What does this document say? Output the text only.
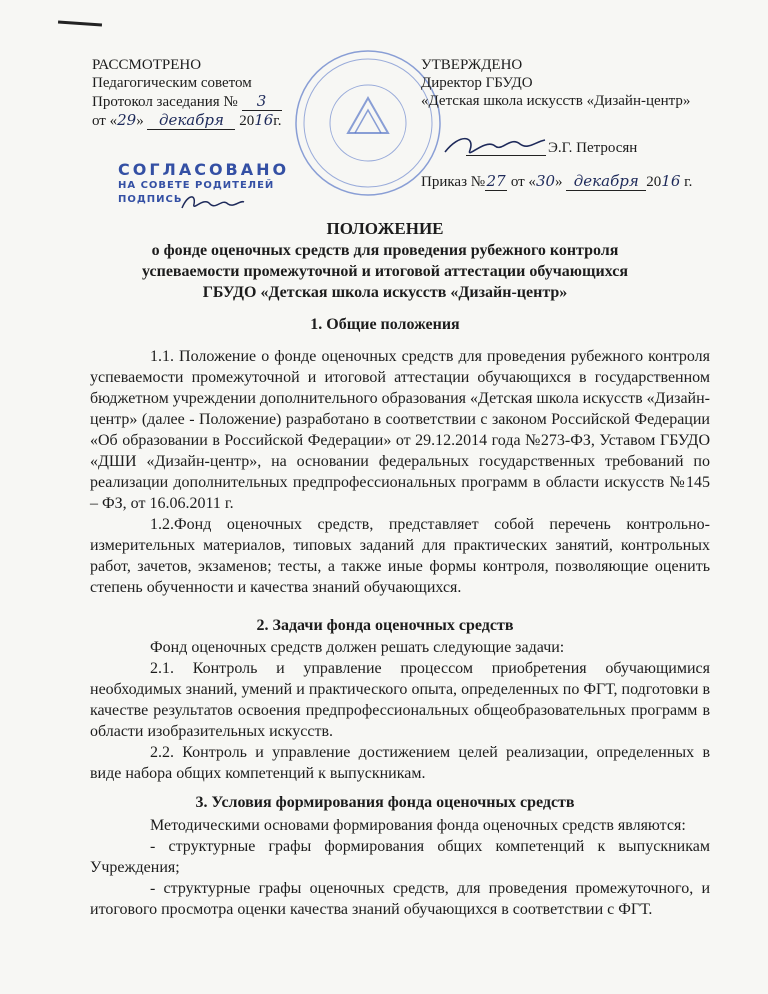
РАССМОТРЕНО
Педагогическим советом
Протокол заседания № 3
от «29» декабря 2016г.
УТВЕРЖДЕНО
Директор ГБУДО
«Детская школа искусств «Дизайн-центр»
Э.Г. Петросян
Приказ №27 от «30» декабря 2016 г.
СОГЛАСОВАНО
НА СОВЕТЕ РОДИТЕЛЕЙ
ПОДПИСЬ
ПОЛОЖЕНИЕ
о фонде оценочных средств для проведения рубежного контроля
успеваемости промежуточной и итоговой аттестации обучающихся
ГБУДО «Детская школа искусств «Дизайн-центр»
1. Общие положения

1.1. Положение о фонде оценочных средств для проведения рубежного контроля успеваемости промежуточной и итоговой аттестации обучающихся в государственном бюджетном учреждении дополнительного образования «Детская школа искусств «Дизайн-центр» (далее - Положение) разработано в соответствии с законом Российской Федерации «Об образовании в Российской Федерации» от 29.12.2014 года №273-ФЗ, Уставом ГБУДО «ДШИ «Дизайн-центр», на основании федеральных государственных требований по реализации дополнительных предпрофессиональных программ в области искусств №145 – ФЗ, от 16.06.2011 г.

1.2.Фонд оценочных средств, представляет собой перечень контрольно-измерительных материалов, типовых заданий для практических занятий, контрольных работ, зачетов, экзаменов; тесты, а также иные формы контроля, позволяющие оценить степень обученности и качества знаний обучающихся.

2. Задачи фонда оценочных средств

Фонд оценочных средств должен решать следующие задачи:

2.1. Контроль и управление процессом приобретения обучающимися необходимых знаний, умений и практического опыта, определенных по ФГТ, подготовки в качестве результатов освоения предпрофессиональных общеобразовательных программ в области изобразительных искусств.

2.2. Контроль и управление достижением целей реализации, определенных в виде набора общих компетенций к выпускникам.

3. Условия формирования фонда оценочных средств

Методическими основами формирования фонда оценочных средств являются:

- структурные графы формирования общих компетенций к выпускникам Учреждения;

- структурные графы оценочных средств, для проведения промежуточного, и итогового просмотра оценки качества знаний обучающихся в соответствии с ФГТ.
